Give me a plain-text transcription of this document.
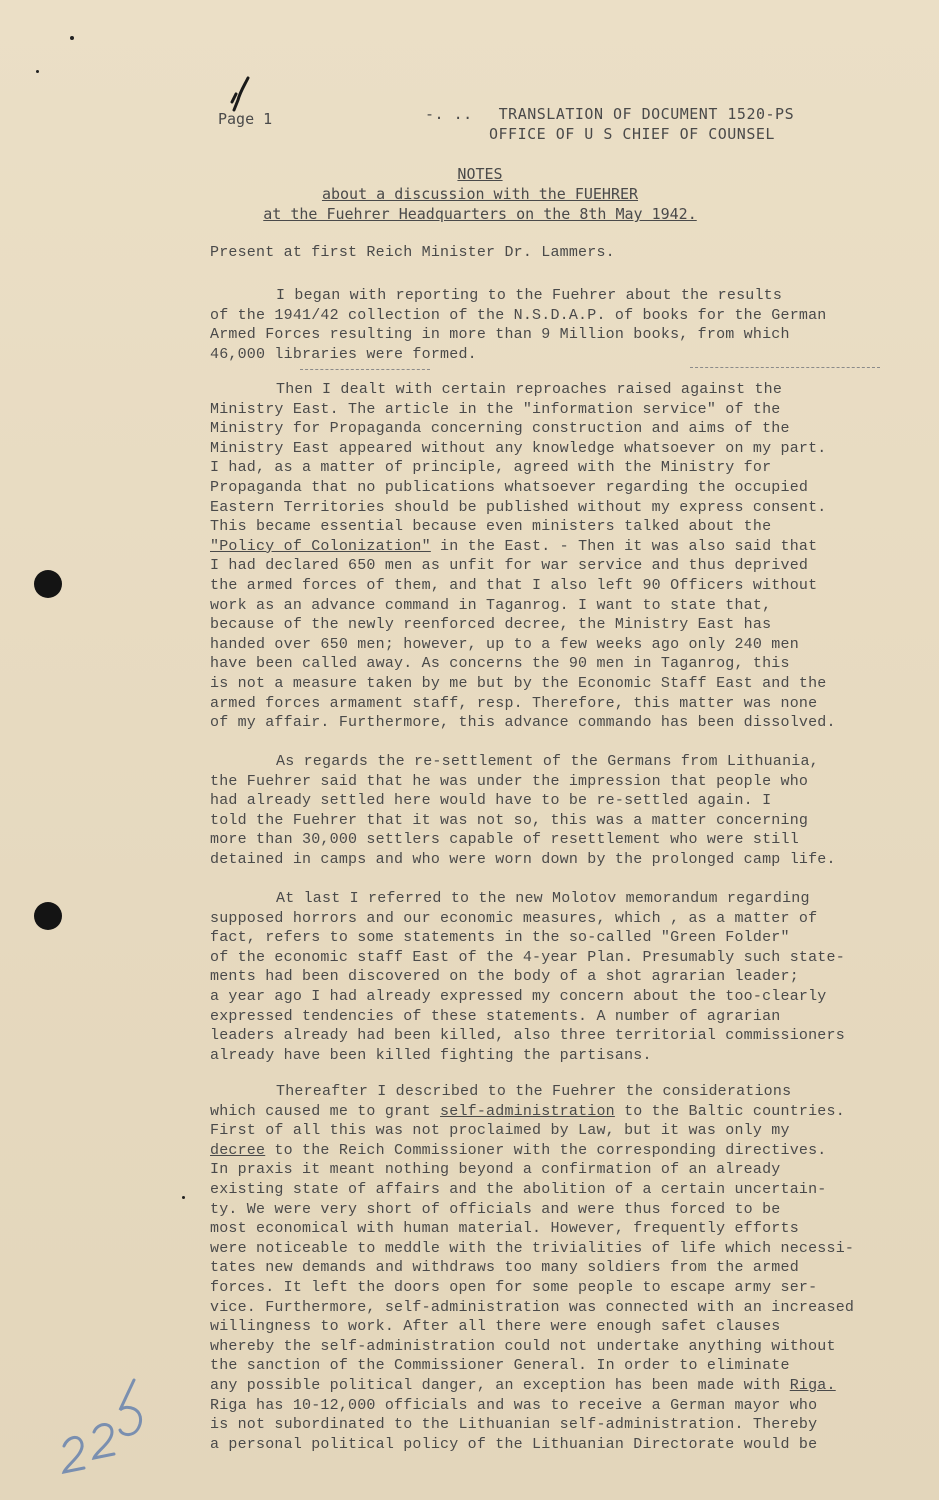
Page 1	-. .. TRANSLATION OF DOCUMENT 1520-PS
OFFICE OF U S CHIEF OF COUNSEL
NOTES
about a discussion with the FUEHRER
at the Fuehrer Headquarters on the 8th May 1942.
Present at first Reich Minister Dr. Lammers.
I began with reporting to the Fuehrer about the results
of the 1941/42 collection of the N.S.D.A.P. of books for the German
Armed Forces resulting in more than 9 Million books, from which
46,000 libraries were formed.
Then I dealt with certain reproaches raised against the
Ministry East. The article in the "information service" of the
Ministry for Propaganda concerning construction and aims of the
Ministry East appeared without any knowledge whatsoever on my part.
I had, as a matter of principle, agreed with the Ministry for
Propaganda that no publications whatsoever regarding the occupied
Eastern Territories should be published without my express consent.
This became essential because even ministers talked about the
"Policy of Colonization" in the East. - Then it was also said that
I had declared 650 men as unfit for war service and thus deprived
the armed forces of them, and that I also left 90 Officers without
work as an advance command in Taganrog. I want to state that,
because of the newly reenforced decree, the Ministry East has
handed over 650 men; however, up to a few weeks ago only 240 men
have been called away. As concerns the 90 men in Taganrog, this
is not a measure taken by me but by the Economic Staff East and the
armed forces armament staff, resp. Therefore, this matter was none
of my affair. Furthermore, this advance commando has been dissolved.
As regards the re-settlement of the Germans from Lithuania,
the Fuehrer said that he was under the impression that people who
had already settled here would have to be re-settled again. I
told the Fuehrer that it was not so, this was a matter concerning
more than 30,000 settlers capable of resettlement who were still
detained in camps and who were worn down by the prolonged camp life.
At last I referred to the new Molotov memorandum regarding
supposed horrors and our economic measures, which , as a matter of
fact, refers to some statements in the so-called "Green Folder"
of the economic staff East of the 4-year Plan. Presumably such state-
ments had been discovered on the body of a shot agrarian leader;
a year ago I had already expressed my concern about the too-clearly
expressed tendencies of these statements. A number of agrarian
leaders already had been killed, also three territorial commissioners
already have been killed fighting the partisans.
Thereafter I described to the Fuehrer the considerations
which caused me to grant self-administration to the Baltic countries.
First of all this was not proclaimed by Law, but it was only my
decree to the Reich Commissioner with the corresponding directives.
In praxis it meant nothing beyond a confirmation of an already
existing state of affairs and the abolition of a certain uncertain-
ty. We were very short of officials and were thus forced to be
most economical with human material. However, frequently efforts
were noticeable to meddle with the trivialities of life which necessi-
tates new demands and withdraws too many soldiers from the armed
forces. It left the doors open for some people to escape army ser-
vice. Furthermore, self-administration was connected with an increased
willingness to work. After all there were enough safet clauses
whereby the self-administration could not undertake anything without
the sanction of the Commissioner General. In order to eliminate
any possible political danger, an exception has been made with Riga.
Riga has 10-12,000 officials and was to receive a German mayor who
is not subordinated to the Lithuanian self-administration. Thereby
a personal political policy of the Lithuanian Directorate would be
